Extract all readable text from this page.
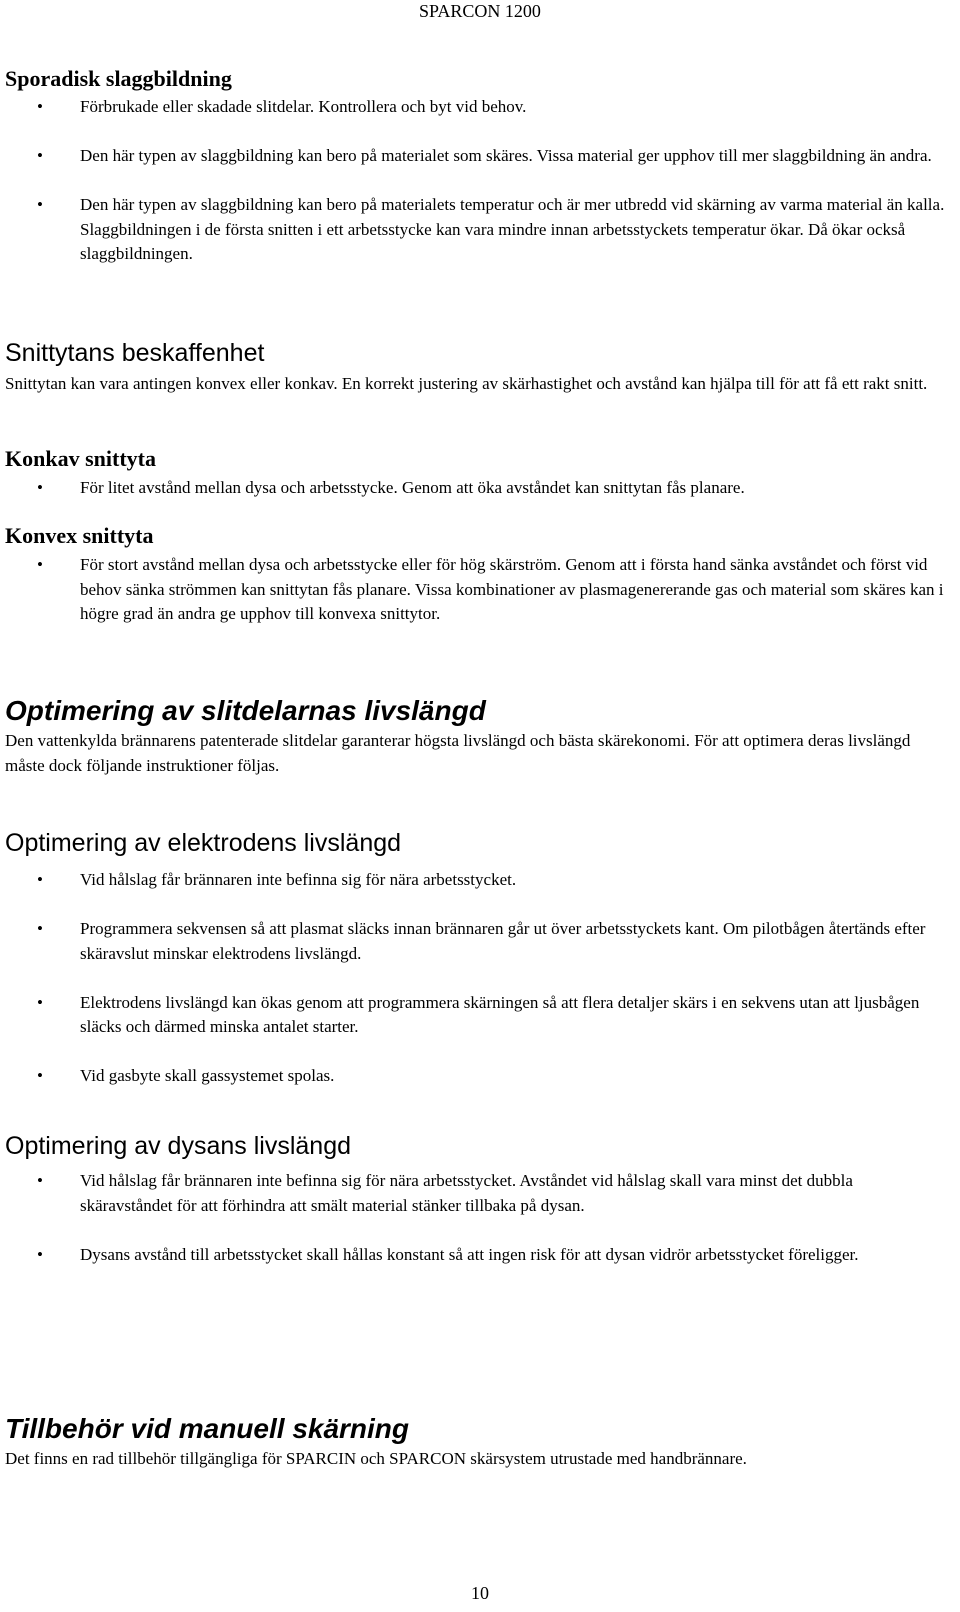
SPARCON 1200
Sporadisk slaggbildning
• Förbrukade eller skadade slitdelar. Kontrollera och byt vid behov.
• Den här typen av slaggbildning kan bero på materialet som skäres. Vissa material ger upphov till mer slaggbildning än andra.
• Den här typen av slaggbildning kan bero på materialets temperatur och är mer utbredd vid skärning av varma material än kalla. Slaggbildningen i de första snitten i ett arbetsstycke kan vara mindre innan arbetsstyckets temperatur ökar. Då ökar också slaggbildningen.
Snittytans beskaffenhet

Snittytan kan vara antingen konvex eller konkav. En korrekt justering av skärhastighet och avstånd kan hjälpa till för att få ett rakt snitt.

Konkav snittyta
• För litet avstånd mellan dysa och arbetsstycke. Genom att öka avståndet kan snittytan fås planare.
Konvex snittyta
• För stort avstånd mellan dysa och arbetsstycke eller för hög skärström. Genom att i första hand sänka avståndet och först vid behov sänka strömmen kan snittytan fås planare. Vissa kombinationer av plasmagenererande gas och material som skäres kan i högre grad än andra ge upphov till konvexa snittytor.
Optimering av slitdelarnas livslängd

Den vattenkylda brännarens patenterade slitdelar garanterar högsta livslängd och bästa skärekonomi. För att optimera deras livslängd måste dock följande instruktioner följas.

Optimering av elektrodens livslängd
• Vid hålslag får brännaren inte befinna sig för nära arbetsstycket.
• Programmera sekvensen så att plasmat släcks innan brännaren går ut över arbetsstyckets kant. Om pilotbågen återtänds efter skäravslut minskar elektrodens livslängd.
• Elektrodens livslängd kan ökas genom att programmera skärningen så att flera detaljer skärs i en sekvens utan att ljusbågen släcks och därmed minska antalet starter.
• Vid gasbyte skall gassystemet spolas.
Optimering av dysans livslängd
• Vid hålslag får brännaren inte befinna sig för nära arbetsstycket. Avståndet vid hålslag skall vara minst det dubbla skäravståndet för att förhindra att smält material stänker tillbaka på dysan.
• Dysans avstånd till arbetsstycket skall hållas konstant så att ingen risk för att dysan vidrör arbetsstycket föreligger.
Tillbehör vid manuell skärning

Det finns en rad tillbehör tillgängliga för SPARCIN och SPARCON skärsystem utrustade med handbrännare.

10
